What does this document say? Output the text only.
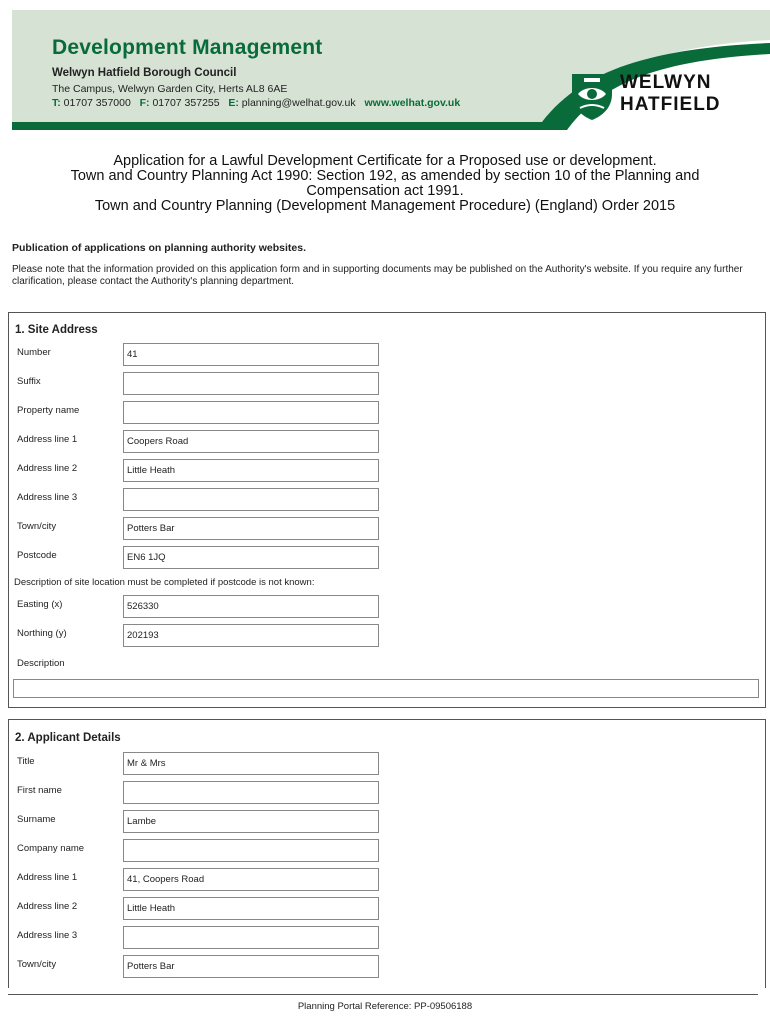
Development Management
Welwyn Hatfield Borough Council
The Campus, Welwyn Garden City, Herts AL8 6AE
T: 01707 357000 F: 01707 357255 E: planning@welhat.gov.uk www.welhat.gov.uk
WELWYN
HATFIELD
Application for a Lawful Development Certificate for a Proposed use or development.
Town and Country Planning Act 1990: Section 192, as amended by section 10 of the Planning and
Compensation act 1991.
Town and Country Planning (Development Management Procedure) (England) Order 2015
Publication of applications on planning authority websites.
Please note that the information provided on this application form and in supporting documents may be published on the Authority's website. If you require any further clarification, please contact the Authority's planning department.
1. Site Address
Number	41
Suffix
Property name
Address line 1	Coopers Road
Address line 2	Little Heath
Address line 3
Town/city	Potters Bar
Postcode	EN6 1JQ
Description of site location must be completed if postcode is not known:
Easting (x)	526330
Northing (y)	202193
Description
2. Applicant Details
Title	Mr & Mrs
First name
Surname	Lambe
Company name
Address line 1	41, Coopers Road
Address line 2	Little Heath
Address line 3
Town/city	Potters Bar
Planning Portal Reference: PP-09506188
